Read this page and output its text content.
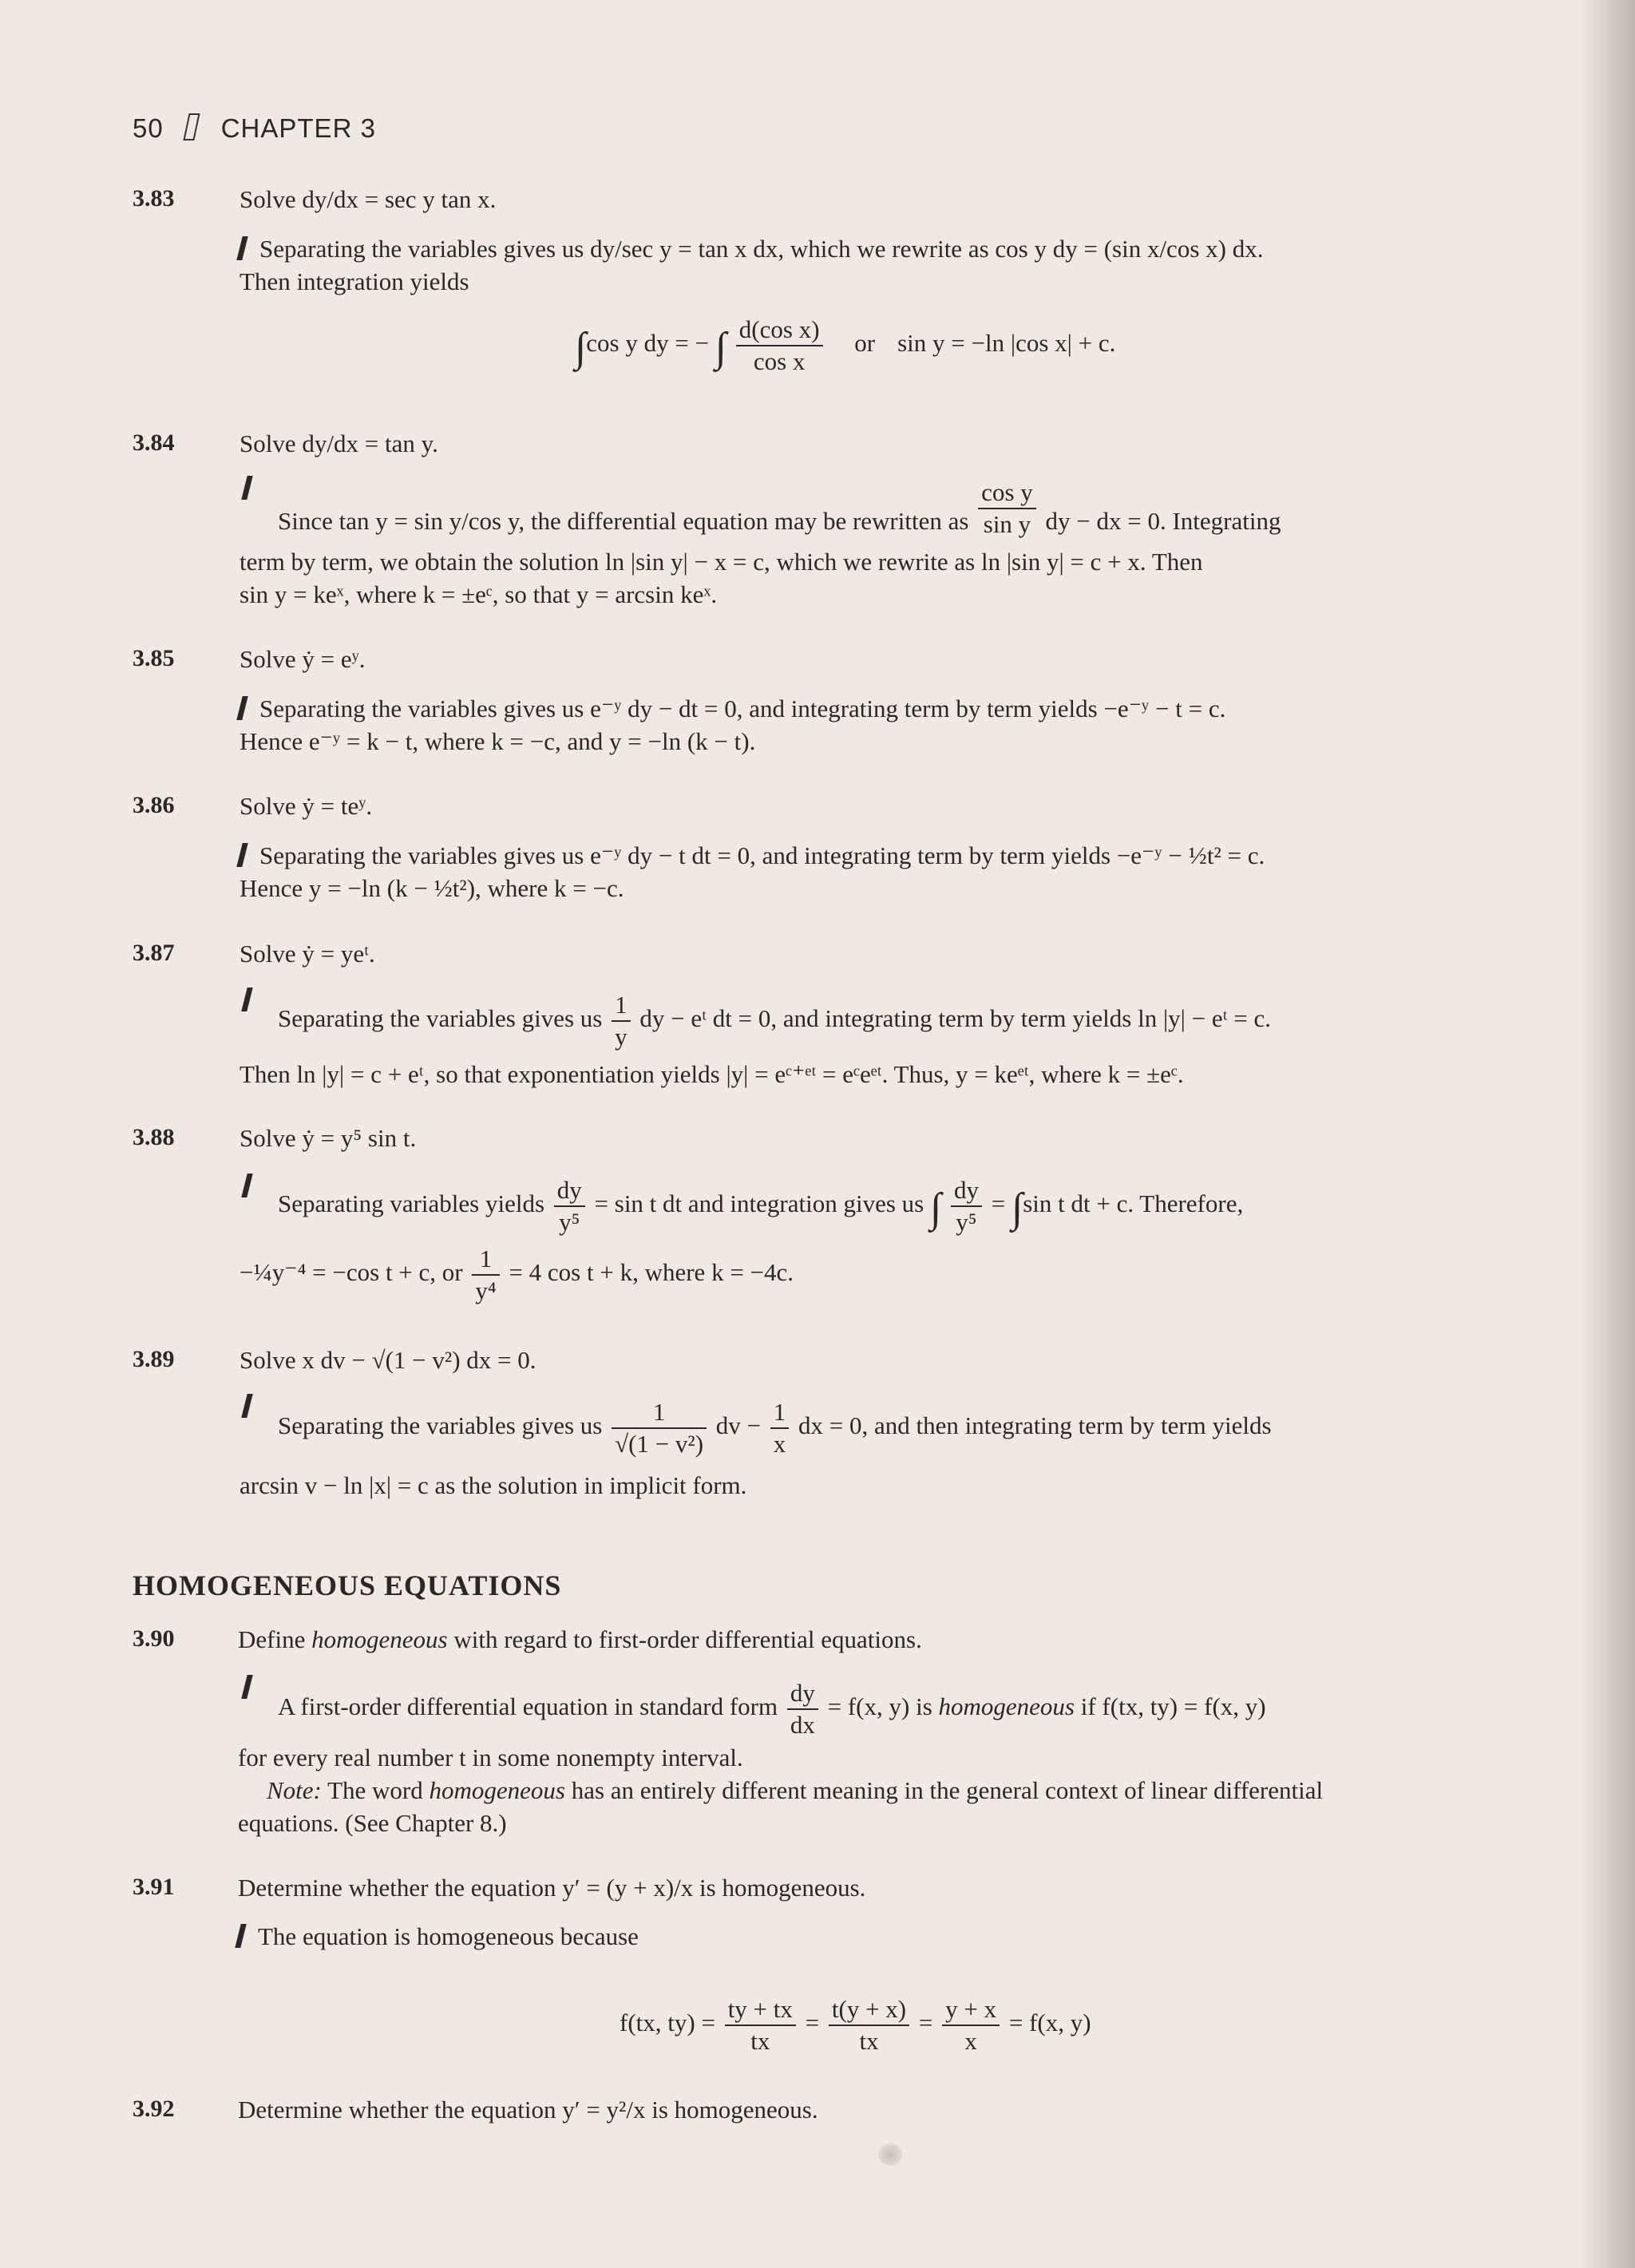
50 CHAPTER 3
3.83	Solve dy/dx = sec y tan x.
Separating the variables gives us dy/sec y = tan x dx, which we rewrite as cos y dy = (sin x/cos x) dx.
Then integration yields
∫cos y dy = − ∫ $\frac{\text{d(cos x)}}{\text{cos x}}$ or sin y = −ln |cos x| + c.
3.84	Solve dy/dx = tan y.
Since tan y = sin y/cos y, the differential equation may be rewritten as $\frac{\text{cos y}}{\text{sin y}}$ dy − dx = 0. Integrating
term by term, we obtain the solution ln |sin y| − x = c, which we rewrite as ln |sin y| = c + x. Then
sin y = keˣ, where k = ±eᶜ, so that y = arcsin keˣ.
3.85	Solve ẏ = eʸ.
Separating the variables gives us e⁻ʸ dy − dt = 0, and integrating term by term yields −e⁻ʸ − t = c.
Hence e⁻ʸ = k − t, where k = −c, and y = −ln (k − t).
3.86	Solve ẏ = teʸ.
Separating the variables gives us e⁻ʸ dy − t dt = 0, and integrating term by term yields −e⁻ʸ − ½t² = c.
Hence y = −ln (k − ½t²), where k = −c.
3.87	Solve ẏ = yeᵗ.
Separating the variables gives us $\frac{1}{y}$ dy − eᵗ dt = 0, and integrating term by term yields ln |y| − eᵗ = c.
Then ln |y| = c + eᵗ, so that exponentiation yields |y| = eᶜ⁺ᵉᵗ = eᶜeᵉᵗ. Thus, y = keᵉᵗ, where k = ±eᶜ.
3.88	Solve ẏ = y⁵ sin t.
Separating variables yields $\frac{dy}{\text{y⁵}} = \sin t$ dt and integration gives us ∫ $\frac{dy}{\text{y⁵}} = \int\sin$ t dt + c. Therefore,
−¼y⁻⁴ = −cos t + c, or $\frac{1}{\text{y⁴}} = 4$ cos t + k, where k = −4c.
3.89	Solve x dv − √(1 − v²) dx = 0.
Separating the variables gives us $\frac{1}{\text{√(1 − v²)}}$ dv − $\frac{1}{x}$ dx = 0, and then integrating term by term yields
arcsin v − ln |x| = c as the solution in implicit form.
HOMOGENEOUS EQUATIONS
3.90	Define homogeneous with regard to first-order differential equations.
A first-order differential equation in standard form $\frac{dy}{dx} = f(x$, y) is homogeneous if f(tx, ty) = f(x, y)
for every real number t in some nonempty interval.
Note: The word homogeneous has an entirely different meaning in the general context of linear differential
equations. (See Chapter 8.)
3.91	Determine whether the equation y′ = (y + x)/x is homogeneous.
The equation is homogeneous because
f(tx, $ty) = \frac{ty + tx}{tx} = \frac{t(y + x)}{tx} = \frac{y + x}{x} = f(x$, y)
3.92	Determine whether the equation y′ = y²/x is homogeneous.
